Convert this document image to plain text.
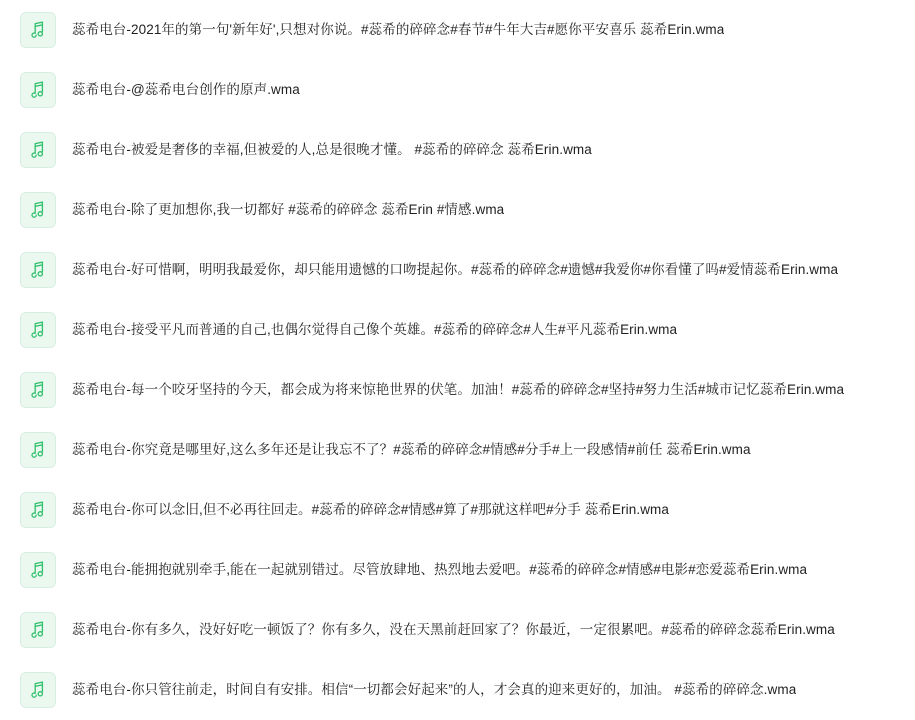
蕊希电台-2021年的第一句'新年好',只想对你说。#蕊希的碎碎念#春节#牛年大吉#愿你平安喜乐 蕊希Erin.wma
蕊希电台-@蕊希电台创作的原声.wma
蕊希电台-被爱是奢侈的幸福,但被爱的人,总是很晚才懂。 #蕊希的碎碎念 蕊希Erin.wma
蕊希电台-除了更加想你,我一切都好 #蕊希的碎碎念 蕊希Erin #情感.wma
蕊希电台-好可惜啊，明明我最爱你，却只能用遗憾的口吻提起你。#蕊希的碎碎念#遗憾#我爱你#你看懂了吗#爱情蕊希Erin.wma
蕊希电台-接受平凡而普通的自己,也偶尔觉得自己像个英雄。#蕊希的碎碎念#人生#平凡蕊希Erin.wma
蕊希电台-每一个咬牙坚持的今天，都会成为将来惊艳世界的伏笔。加油！#蕊希的碎碎念#坚持#努力生活#城市记忆蕊希Erin.wma
蕊希电台-你究竟是哪里好,这么多年还是让我忘不了？#蕊希的碎碎念#情感#分手#上一段感情#前任 蕊希Erin.wma
蕊希电台-你可以念旧,但不必再往回走。#蕊希的碎碎念#情感#算了#那就这样吧#分手 蕊希Erin.wma
蕊希电台-能拥抱就别牵手,能在一起就别错过。尽管放肆地、热烈地去爱吧。#蕊希的碎碎念#情感#电影#恋爱蕊希Erin.wma
蕊希电台-你有多久，没好好吃一顿饭了？你有多久，没在天黑前赶回家了？你最近，一定很累吧。#蕊希的碎碎念蕊希Erin.wma
蕊希电台-你只管往前走，时间自有安排。相信“一切都会好起来”的人，才会真的迎来更好的，加油。 #蕊希的碎碎念.wma
